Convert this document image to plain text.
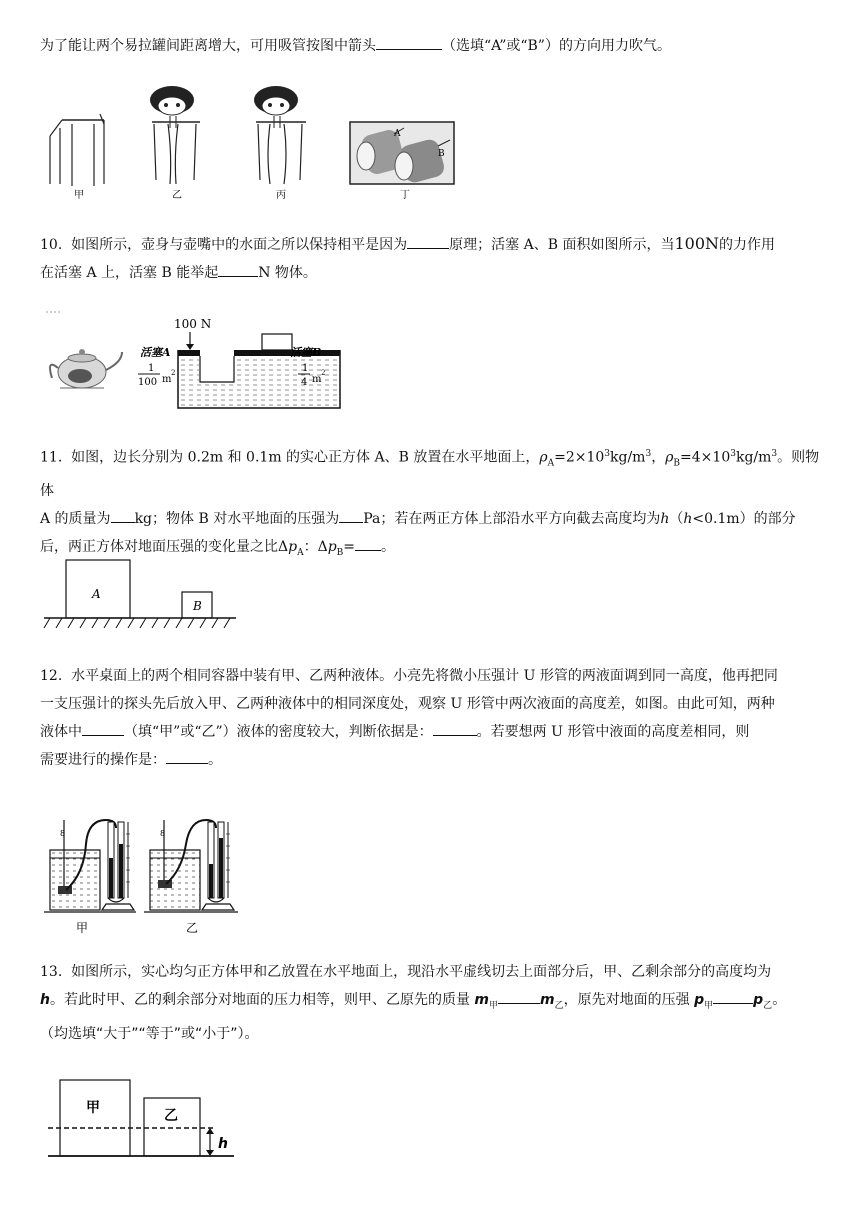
为了能让两个易拉罐间距离增大，可用吸管按图中箭头	（选填“A”或“B”）的方向用力吹气。
A
B
甲	乙	丙	丁
10. 如图所示，壶身与壶嘴中的水面之所以保持相平是因为	原理；活塞 A、B 面积如图所示，当100N的力作用
在活塞 A 上，活塞 B 能举起	N 物体。
100 N
活塞A
1
100 m
2
活塞B
1
4 m
2
11. 如图，边长分别为 0.2m 和 0.1m 的实心正方体 A、B 放置在水平地面上，$\rho_A=2\times 10^3kg/m^3$，$\rho_B=4\times 10^3kg/m^3$。则物体
A 的质量为 kg；物体 B 对水平地面的压强为 Pa；若在两正方体上部沿水平方向截去高度均为h（h<0.1m）的部分
后，两正方体对地面压强的变化量之比$\Delta p_A$：$\Delta p_B=$ 。
A
B
12. 水平桌面上的两个相同容器中装有甲、乙两种液体。小亮先将微小压强计 U 形管的两液面调到同一高度，他再把同
一支压强计的探头先后放入甲、乙两种液体中的相同深度处，观察 U 形管中两次液面的高度差，如图。由此可知，两种
液体中	（填“甲”或“乙”）液体的密度较大，判断依据是：	。若要想两 U 形管中液面的高度差相同，则
需要进行的操作是：	。
8	8
甲	乙
13. 如图所示，实心均匀正方体甲和乙放置在水平地面上，现沿水平虚线切去上面部分后，甲、乙剩余部分的高度均为
h。若此时甲、乙的剩余部分对地面的压力相等，则甲、乙原先的质量 $m_甲$	$m_乙$，原先对地面的压强 $p_甲$	$p_乙$。
（均选填“大于”“等于”或“小于”）。
甲	乙
h
